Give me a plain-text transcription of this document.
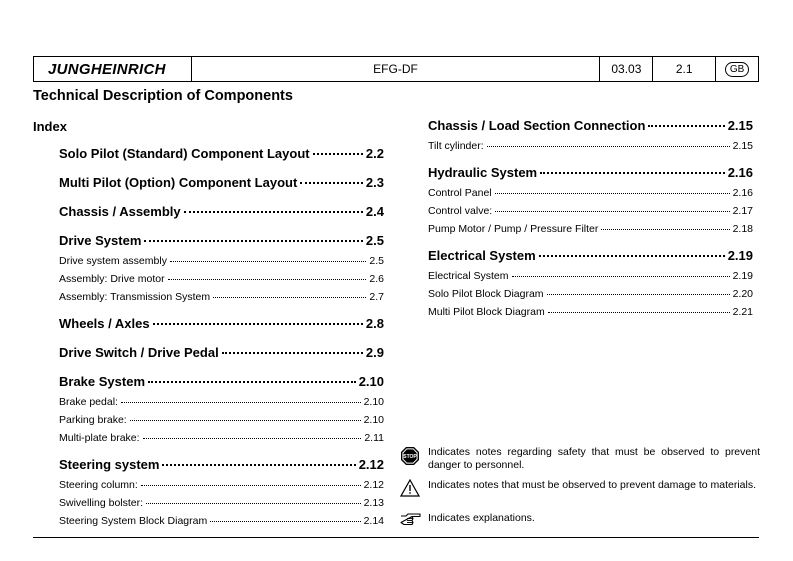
JUNGHEINRICH	EFG-DF	03.03	2.1	GB
Technical Description of Components
Index
Solo Pilot (Standard) Component Layout	2.2
Multi Pilot (Option) Component Layout	2.3
Chassis / Assembly	2.4
Drive System	2.5
Drive system assembly	2.5
Assembly: Drive motor	2.6
Assembly: Transmission System	2.7
Wheels / Axles	2.8
Drive Switch / Drive Pedal	2.9
Brake System	2.10
Brake pedal:	2.10
Parking brake:	2.10
Multi-plate brake:	2.11
Steering system	2.12
Steering column:	2.12
Swivelling bolster:	2.13
Steering System Block Diagram	2.14
Chassis / Load Section Connection	2.15
Tilt cylinder:	2.15
Hydraulic System	2.16
Control Panel	2.16
Control valve:	2.17
Pump Motor / Pump / Pressure Filter	2.18
Electrical System	2.19
Electrical System	2.19
Solo Pilot Block Diagram	2.20
Multi Pilot Block Diagram	2.21
STOP Indicates notes regarding safety that must be observed to prevent danger to personnel.
Indicates notes that must be observed to prevent damage to materials.
Indicates explanations.
